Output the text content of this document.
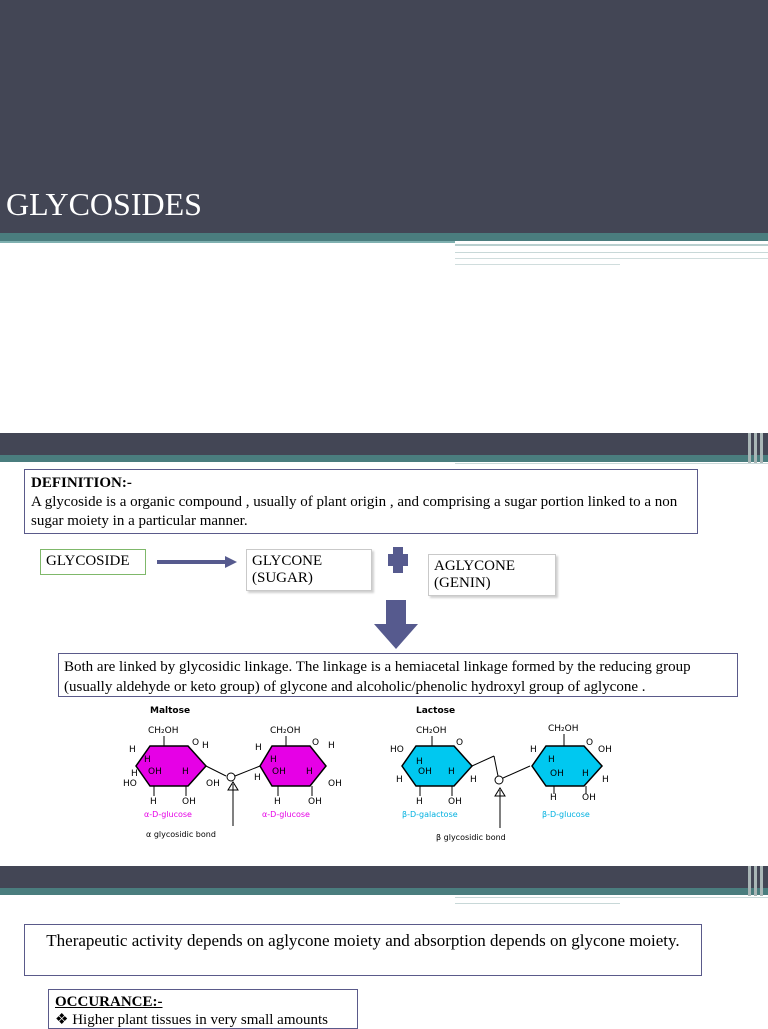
GLYCOSIDES
DEFINITION:-
A glycoside is a organic compound , usually of plant origin , and comprising a sugar portion linked to a non sugar moiety in a particular manner.
GLYCOSIDE	GLYCONE
(SUGAR)
AGLYCONE
(GENIN)
Both are linked by glycosidic linkage. The linkage is a hemiacetal linkage formed by the reducing group (usually aldehyde or keto group) of glycone and alcoholic/phenolic hydroxyl group of aglycone .
Maltose
CH₂OH
O
H	H
H
OH H
H
HO	OH
H	OH
α-D-glucose
CH₂OH
O
H	H
H
OH H
H
OH
H	OH
α-D-glucose
α glycosidic bond
Lactose
CH₂OH
O
HO
H
OH H
H	H
H	OH
β-D-galactose
CH₂OH
O
H	OH
H
OH H
H
H	OH
β-D-glucose
β glycosidic bond
Therapeutic activity depends on aglycone moiety and absorption depends on glycone moiety.
OCCURANCE:-
❖ Higher plant tissues in very small amounts
